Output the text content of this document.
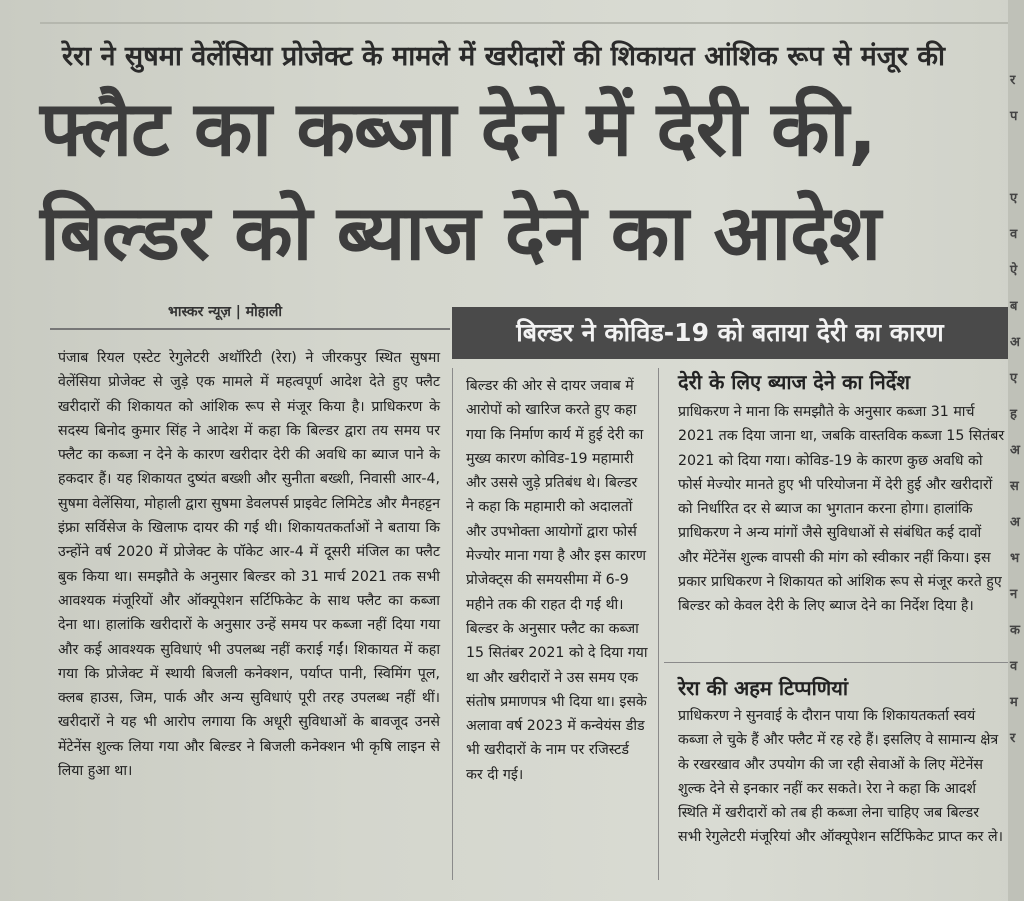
रेरा ने सुषमा वेलेंसिया प्रोजेक्ट के मामले में खरीदारों की शिकायत आंशिक रूप से मंजूर की
फ्लैट का कब्जा देने में देरी की,
बिल्डर को ब्याज देने का आदेश
भास्कर न्यूज़ | मोहाली

पंजाब रियल एस्टेट रेगुलेटरी अथॉरिटी (रेरा) ने जीरकपुर स्थित सुषमा वेलेंसिया प्रोजेक्ट से जुड़े एक मामले में महत्वपूर्ण आदेश देते हुए फ्लैट खरीदारों की शिकायत को आंशिक रूप से मंजूर किया है। प्राधिकरण के सदस्य बिनोद कुमार सिंह ने आदेश में कहा कि बिल्डर द्वारा तय समय पर फ्लैट का कब्जा न देने के कारण खरीदार देरी की अवधि का ब्याज पाने के हकदार हैं। यह शिकायत दुष्यंत बख्शी और सुनीता बख्शी, निवासी आर-4, सुषमा वेलेंसिया, मोहाली द्वारा सुषमा डेवलपर्स प्राइवेट लिमिटेड और मैनहट्टन इंफ्रा सर्विसेज के खिलाफ दायर की गई थी। शिकायतकर्ताओं ने बताया कि उन्होंने वर्ष 2020 में प्रोजेक्ट के पॉकेट आर-4 में दूसरी मंजिल का फ्लैट बुक किया था। समझौते के अनुसार बिल्डर को 31 मार्च 2021 तक सभी आवश्यक मंजूरियों और ऑक्यूपेशन सर्टिफिकेट के साथ फ्लैट का कब्जा देना था। हालांकि खरीदारों के अनुसार उन्हें समय पर कब्जा नहीं दिया गया और कई आवश्यक सुविधाएं भी उपलब्ध नहीं कराई गईं। शिकायत में कहा गया कि प्रोजेक्ट में स्थायी बिजली कनेक्शन, पर्याप्त पानी, स्विमिंग पूल, क्लब हाउस, जिम, पार्क और अन्य सुविधाएं पूरी तरह उपलब्ध नहीं थीं। खरीदारों ने यह भी आरोप लगाया कि अधूरी सुविधाओं के बावजूद उनसे मेंटेनेंस शुल्क लिया गया और बिल्डर ने बिजली कनेक्शन भी कृषि लाइन से लिया हुआ था।

बिल्डर ने कोविड-19 को बताया देरी का कारण

बिल्डर की ओर से दायर जवाब में आरोपों को खारिज करते हुए कहा गया कि निर्माण कार्य में हुई देरी का मुख्य कारण कोविड-19 महामारी और उससे जुड़े प्रतिबंध थे। बिल्डर ने कहा कि महामारी को अदालतों और उपभोक्ता आयोगों द्वारा फोर्स मेज्योर माना गया है और इस कारण प्रोजेक्ट्स की समयसीमा में 6-9 महीने तक की राहत दी गई थी। बिल्डर के अनुसार फ्लैट का कब्जा 15 सितंबर 2021 को दे दिया गया था और खरीदारों ने उस समय एक संतोष प्रमाणपत्र भी दिया था। इसके अलावा वर्ष 2023 में कन्वेयंस डीड भी खरीदारों के नाम पर रजिस्टर्ड कर दी गई।

देरी के लिए ब्याज देने का निर्देश

प्राधिकरण ने माना कि समझौते के अनुसार कब्जा 31 मार्च 2021 तक दिया जाना था, जबकि वास्तविक कब्जा 15 सितंबर 2021 को दिया गया। कोविड-19 के कारण कुछ अवधि को फोर्स मेज्योर मानते हुए भी परियोजना में देरी हुई और खरीदारों को निर्धारित दर से ब्याज का भुगतान करना होगा। हालांकि प्राधिकरण ने अन्य मांगों जैसे सुविधाओं से संबंधित कई दावों और मेंटेनेंस शुल्क वापसी की मांग को स्वीकार नहीं किया। इस प्रकार प्राधिकरण ने शिकायत को आंशिक रूप से मंजूर करते हुए बिल्डर को केवल देरी के लिए ब्याज देने का निर्देश दिया है।

रेरा की अहम टिप्पणियां

प्राधिकरण ने सुनवाई के दौरान पाया कि शिकायतकर्ता स्वयं कब्जा ले चुके हैं और फ्लैट में रह रहे हैं। इसलिए वे सामान्य क्षेत्र के रखरखाव और उपयोग की जा रही सेवाओं के लिए मेंटेनेंस शुल्क देने से इनकार नहीं कर सकते। रेरा ने कहा कि आदर्श स्थिति में खरीदारों को तब ही कब्जा लेना चाहिए जब बिल्डर सभी रेगुलेटरी मंजूरियां और ऑक्यूपेशन सर्टिफिकेट प्राप्त कर ले।

र
प
ए
व
ऐ
ब
अ
ए
ह
अ
स
अ
भ
न
क
व
म
र
